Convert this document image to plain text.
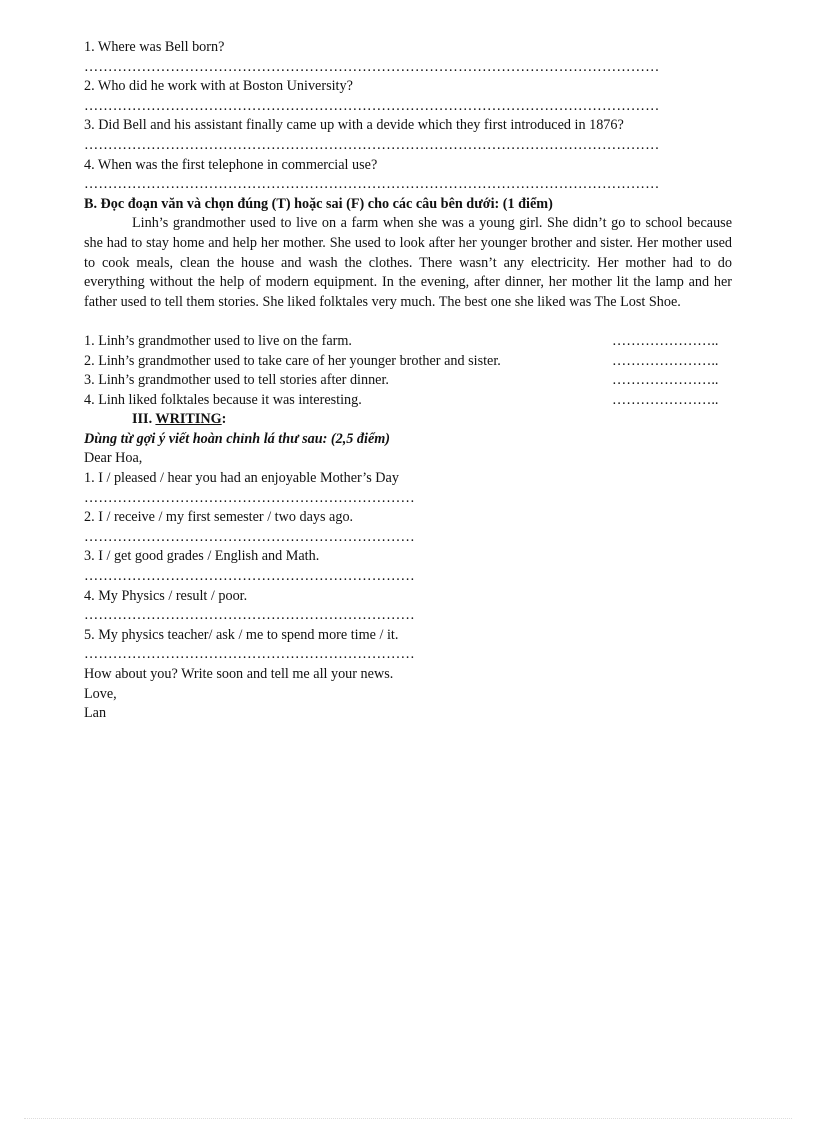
1. Where was Bell born?
…………………………………………………………………………………………………………
2. Who did he work with at Boston University?
…………………………………………………………………………………………………………
3. Did Bell and his assistant finally came up with a devide which they first introduced in 1876?
…………………………………………………………………………………………………………
4. When was the first telephone in commercial use?
…………………………………………………………………………………………………………
B. Đọc đoạn văn và chọn đúng (T) hoặc sai (F) cho các câu bên dưới: (1 điểm)

Linh’s grandmother used to live on a farm when she was a young girl. She didn’t go to school because she had to stay home and help her mother. She used to look after her younger brother and sister. Her mother used to cook meals, clean the house and wash the clothes. There wasn’t any electricity. Her mother had to do everything without the help of modern equipment. In the evening, after dinner, her mother lit the lamp and her father used to tell them stories. She liked folktales very much. The best one she liked was The Lost Shoe.

1. Linh’s grandmother used to live on the farm.	…………………..
2. Linh’s grandmother used to take care of her younger brother and sister.	…………………..
3. Linh’s grandmother used to tell stories after dinner.	…………………..
4. Linh liked folktales because it was interesting.	…………………..
III. WRITING:
Dùng từ gợi ý viết hoàn chỉnh lá thư sau: (2,5 điểm)
Dear Hoa,
1. I / pleased / hear you had an enjoyable Mother’s Day
……………………………………………………………
2. I / receive / my first semester / two days ago.
……………………………………………………………
3. I / get good grades / English and Math.
……………………………………………………………
4. My Physics / result / poor.
……………………………………………………………
5. My physics teacher/ ask / me to spend more time / it.
……………………………………………………………
How about you? Write soon and tell me all your news.
Love,
Lan
